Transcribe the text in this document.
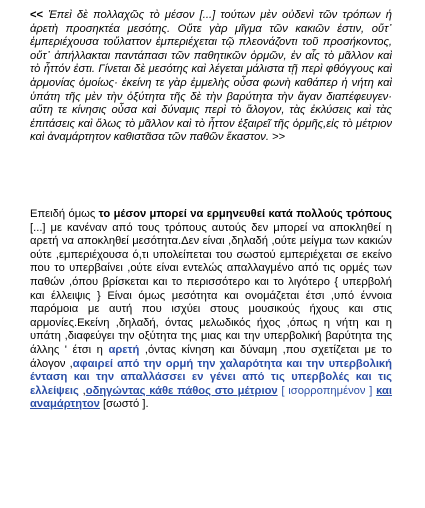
<< Ἐπεὶ δὲ πολλαχῶς τὸ μέσον [...] τούτων μὲν οὐδενὶ τῶν τρόπων ἡ ἀρετὴ προσηκτέα μεσότης. Οὔτε γὰρ μῖγμα τῶν κακιῶν ἐστιν, οὔτ᾽ ἐμπεριέχουσα τοὔλαττον ἐμπεριέχεται τῷ πλεονάζοντι τοῦ προσήκοντος, οὔτ᾽ ἀπήλλακται παντάπασι τῶν παθητικῶν ὁρμῶν, ἐν αἷς τὸ μᾶλλον καὶ τὸ ἧττόν ἐστι. Γίνεται δὲ μεσότης καὶ λέγεται μάλιστα τῇ περὶ φθόγγους καὶ ἁρμονίας ὁμοίως· ἐκείνη τε γὰρ ἐμμελὴς οὖσα φωνὴ καθάπερ ἡ νήτη καὶ ὑπάτη τῆς μὲν τὴν ὀξύτητα τῆς δὲ τὴν βαρύτητα τὴν ἄγαν διαπέφευγεν· αὕτη τε κίνησις οὖσα καὶ δύναμις περὶ τὸ ἄλογον, τὰς ἐκλύσεις καὶ τὰς ἐπιτάσεις καὶ ὅλως τὸ μᾶλλον καὶ τὸ ἧττον ἐξαιρεῖ τῆς ὁρμῆς,εἰς τὸ μέτριον καὶ ἀναμάρτητον καθιστᾶσα τῶν παθῶν ἕκαστον. >>
Επειδή όμως το μέσον μπορεί να ερμηνευθεί κατά πολλούς τρόπους [...] με κανέναν από τους τρόπους αυτούς δεν μπορεί να αποκληθεί η αρετή να αποκληθεί μεσότητα.Δεν είναι ,δηλαδή ,ούτε μείγμα των κακιών ούτε ,εμπεριέχουσα ό,τι υπολείπεται του σωστού εμπεριέχεται σε εκείνο που το υπερβαίνει ,ούτε είναι εντελώς απαλλαγμένο από τις ορμές των παθών ,όπου βρίσκεται και το περισσότερο και το λιγότερο { υπερβολή και έλλειψις } Είναι όμως μεσότητα και ονομάζεται έτσι ,υπό έννοια παρόμοια με αυτή που ισχύει στους μουσικούς ήχους και στις αρμονίες.Εκείνη ,δηλαδή, όντας μελωδικός ήχος ,όπως η νήτη και η υπάτη ,διαφεύγει την οξύτητα της μιας και την υπερβολική βαρύτητα της άλλης ' έτσι η αρετή ,όντας κίνηση και δύναμη ,που σχετίζεται με το άλογον ,αφαιρεί από την ορμή την χαλαρότητα και την υπερβολική ένταση και την απαλλάσσει εν γένει από τις υπερβολές και τις ελλείψεις ,οδηγώντας κάθε πάθος στο μέτριον [ ισορροπημένον ] και αναμάρτητον [σωστό ].
